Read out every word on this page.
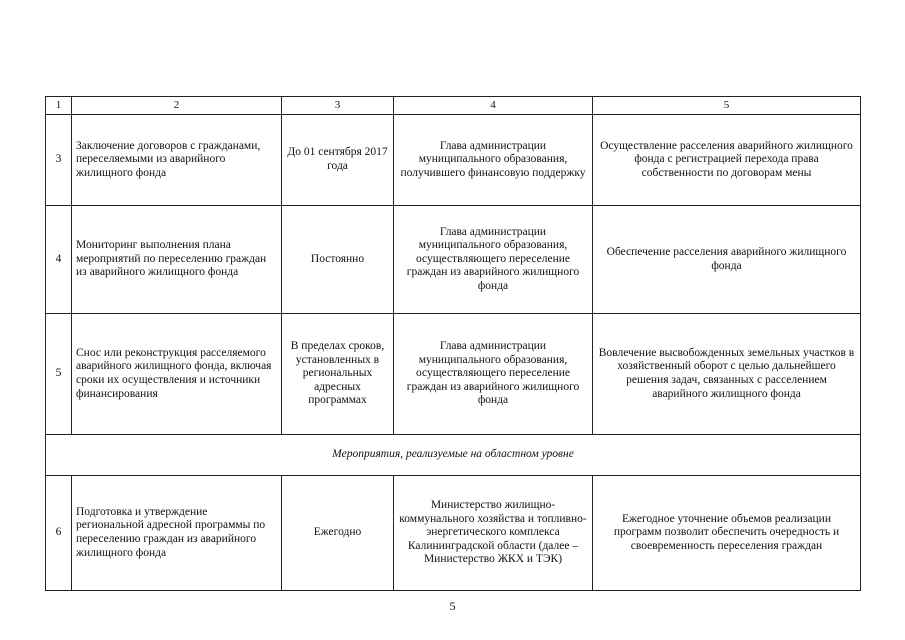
1	2	3	4	5
3	Заключение договоров с гражданами, переселяемыми из аварийного жилищного фонда	До 01 сентября 2017 года	Глава администрации муниципального образования, получившего финансовую поддержку	Осуществление расселения аварийного жилищного фонда с регистрацией перехода права собственности по договорам мены
4	Мониторинг выполнения плана мероприятий по переселению граждан из аварийного жилищного фонда	Постоянно	Глава администрации муниципального образования, осуществляющего переселение граждан из аварийного жилищного фонда	Обеспечение расселения аварийного жилищного фонда
5	Снос или реконструкция расселяемого аварийного жилищного фонда, включая сроки их осуществления и источники финансирования	В пределах сроков, установленных в региональных адресных программах	Глава администрации муниципального образования, осуществляющего переселение граждан из аварийного жилищного фонда	Вовлечение высвобожденных земельных участков в хозяйственный оборот с целью дальнейшего решения задач, связанных с расселением аварийного жилищного фонда
Мероприятия, реализуемые на областном уровне				
6	Подготовка и утверждение региональной адресной программы по переселению граждан из аварийного жилищного фонда	Ежегодно	Министерство жилищно-коммунального хозяйства и топливно-энергетического комплекса Калининградской области (далее – Министерство ЖКХ и ТЭК)	Ежегодное уточнение объемов реализации программ позволит обеспечить очередность и своевременность переселения граждан
5
